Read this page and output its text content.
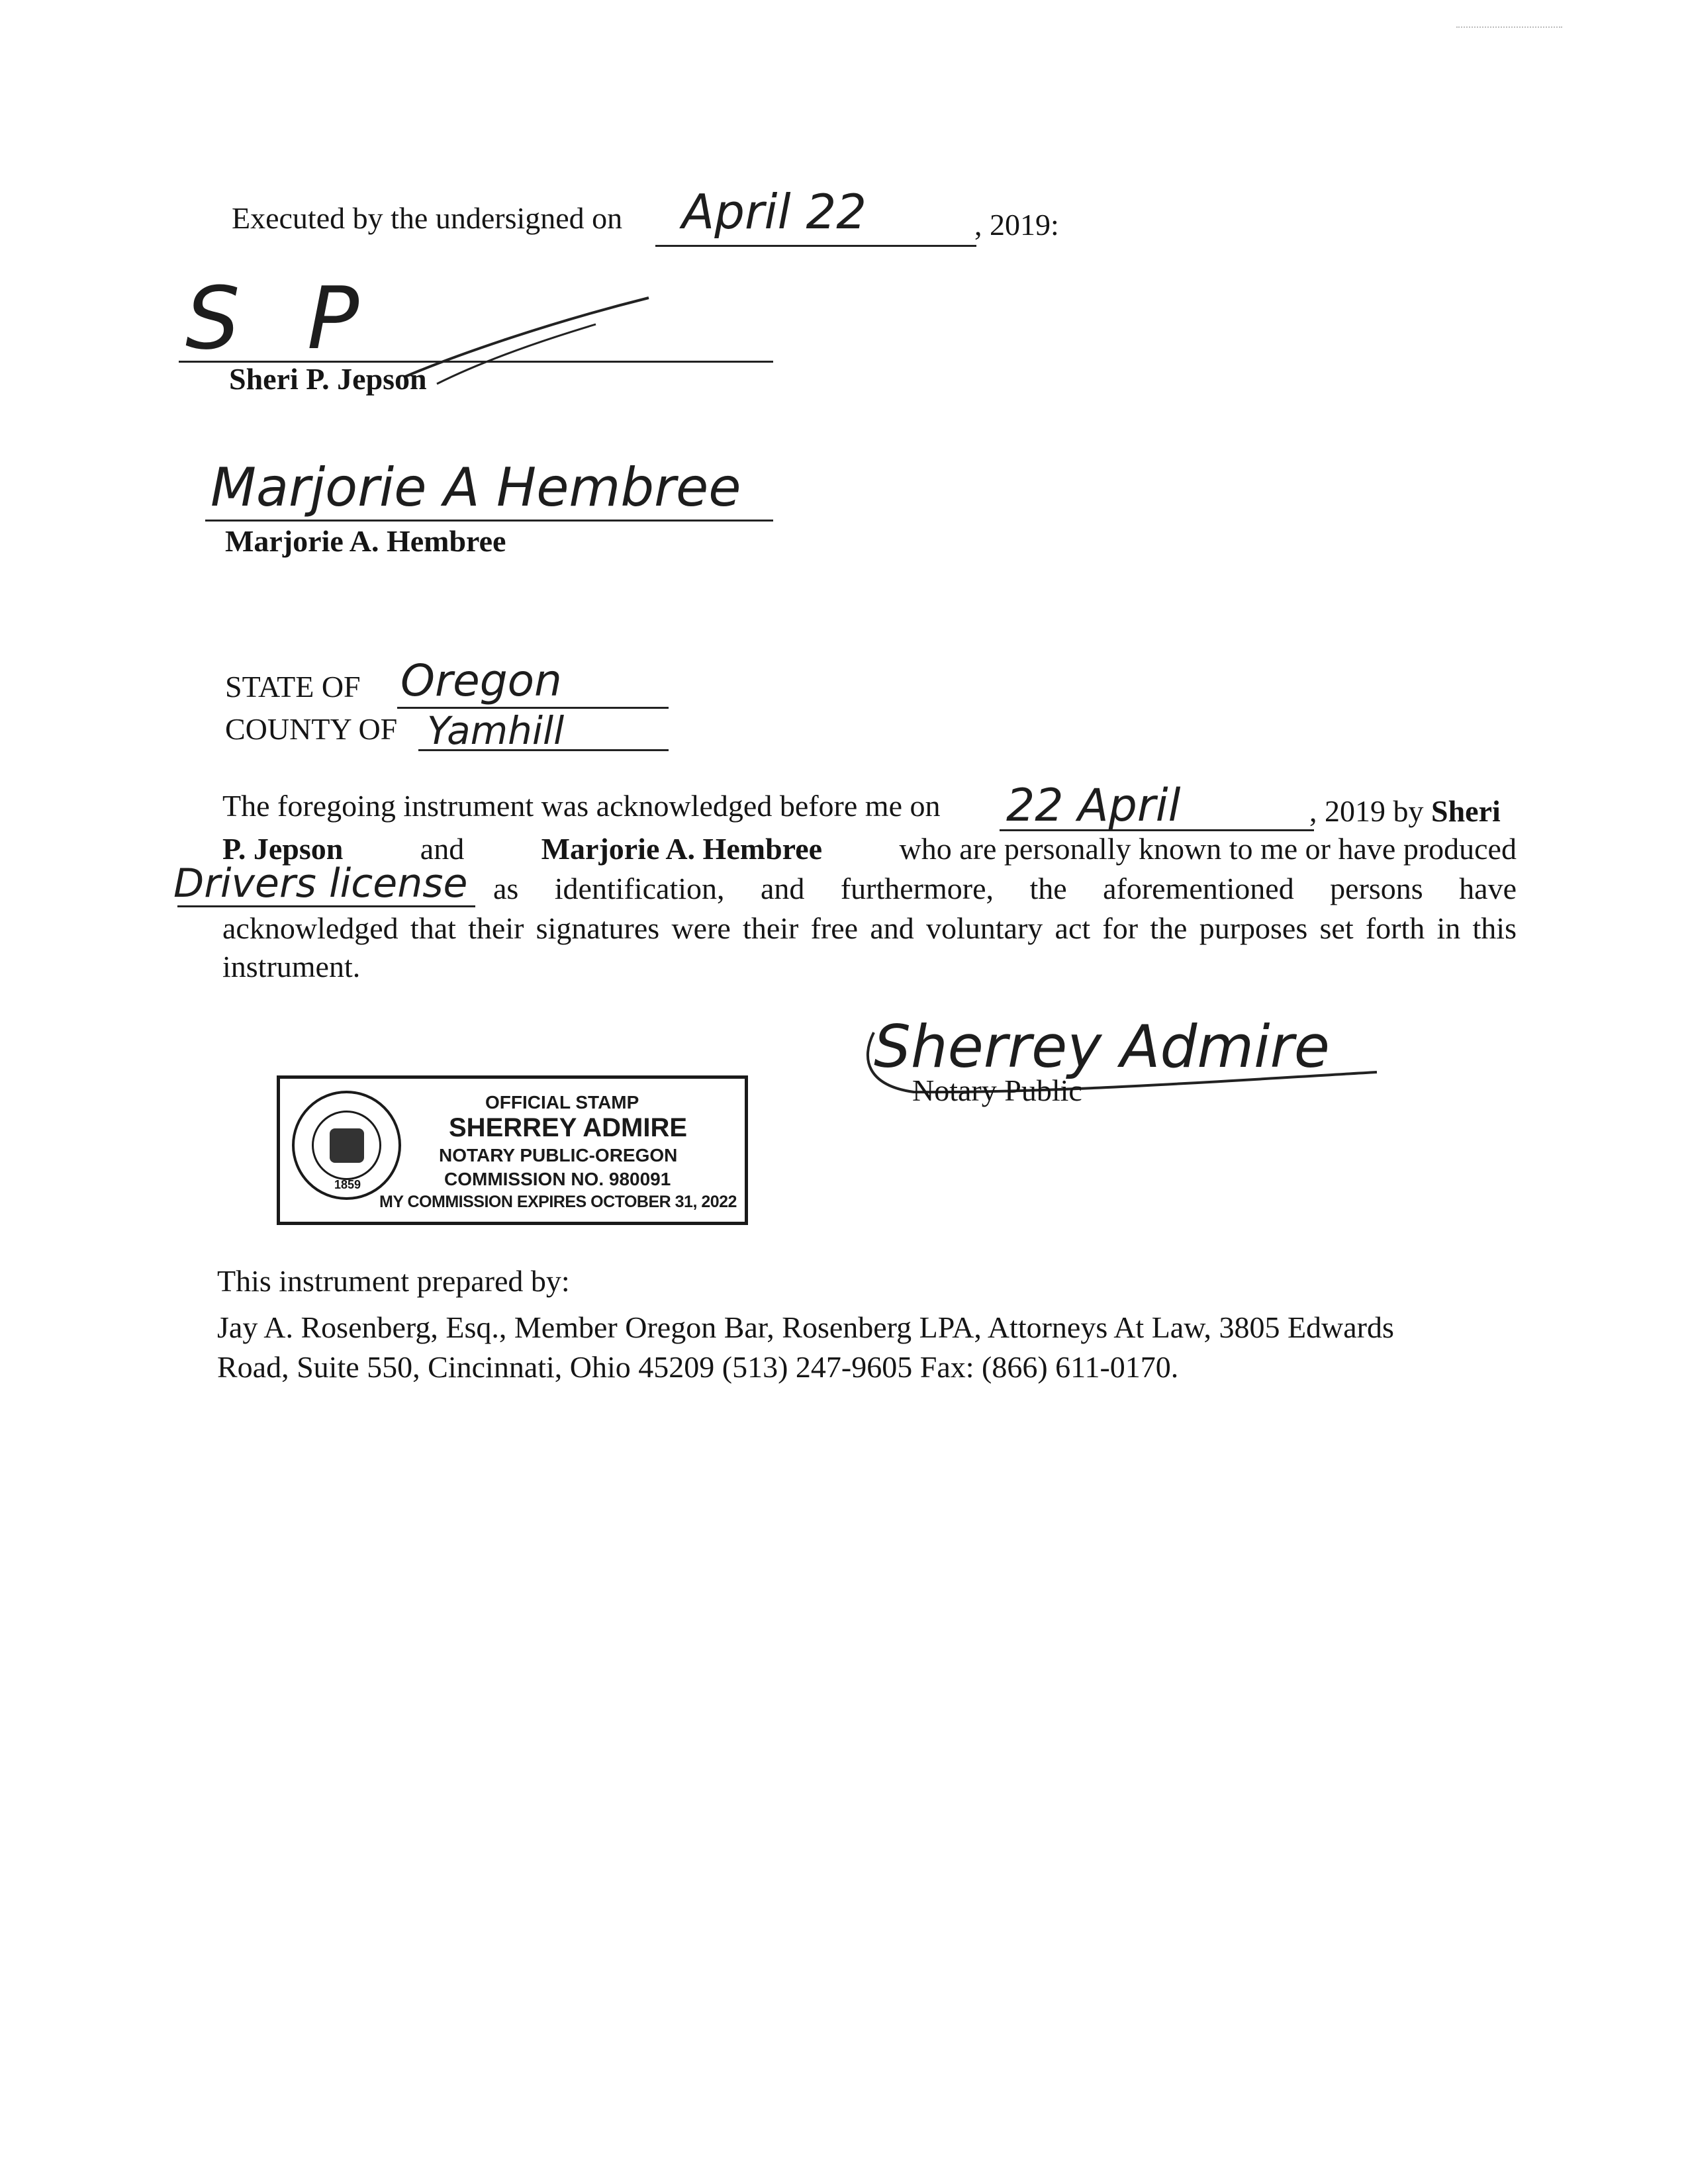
Executed by the undersigned on April 22	, 2019:
S P
Sheri P. Jepson
Marjorie A Hembree
Marjorie A. Hembree
STATE OF Oregon
COUNTY OF Yamhill
The foregoing instrument was acknowledged before me on 22 April	, 2019 by Sheri
P. Jepson	and	Marjorie A. Hembree	who are personally known to me or have produced
Drivers license as identification, and furthermore, the aforementioned persons have
acknowledged that their signatures were their free and voluntary act for the purposes set forth in this
instrument.
Sherrey Admire
Notary Public
1859
OFFICIAL STAMP
SHERREY ADMIRE
NOTARY PUBLIC-OREGON
COMMISSION NO. 980091
MY COMMISSION EXPIRES OCTOBER 31, 2022
This instrument prepared by:
Jay A. Rosenberg, Esq., Member Oregon Bar, Rosenberg LPA, Attorneys At Law, 3805 Edwards
Road, Suite 550, Cincinnati, Ohio 45209 (513) 247-9605 Fax: (866) 611-0170.
